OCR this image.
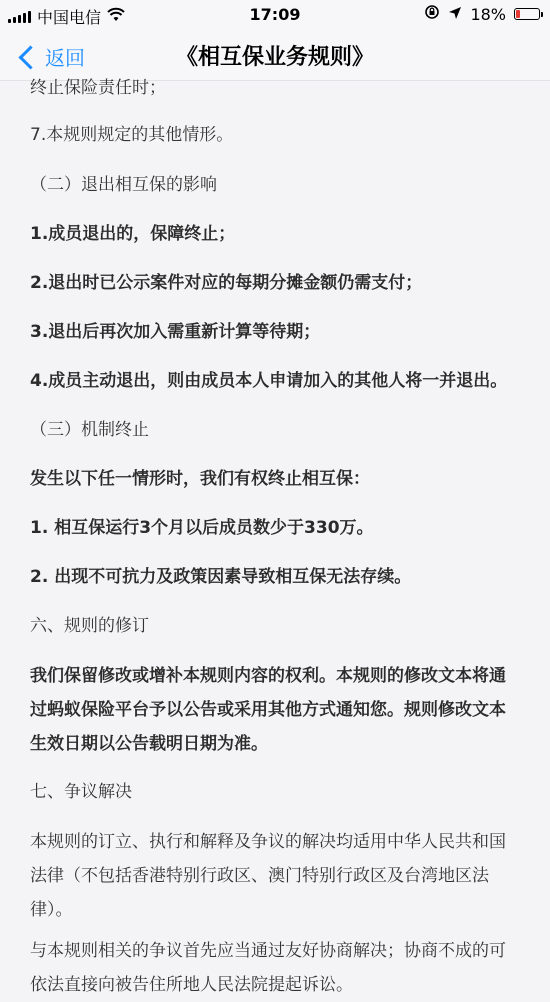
中国电信	17:09	18%
返回	《相互保业务规则》
终止保险责任时；
7.本规则规定的其他情形。
（二）退出相互保的影响
1.成员退出的，保障终止；
2.退出时已公示案件对应的每期分摊金额仍需支付；
3.退出后再次加入需重新计算等待期；
4.成员主动退出，则由成员本人申请加入的其他人将一并退出。
（三）机制终止
发生以下任一情形时，我们有权终止相互保：
1. 相互保运行3个月以后成员数少于330万。
2. 出现不可抗力及政策因素导致相互保无法存续。
六、规则的修订
我们保留修改或增补本规则内容的权利。本规则的修改文本将通
过蚂蚁保险平台予以公告或采用其他方式通知您。规则修改文本
生效日期以公告载明日期为准。
七、争议解决
本规则的订立、执行和解释及争议的解决均适用中华人民共和国
法律（不包括香港特别行政区、澳门特别行政区及台湾地区法
律）。
与本规则相关的争议首先应当通过友好协商解决；协商不成的可
依法直接向被告住所地人民法院提起诉讼。
